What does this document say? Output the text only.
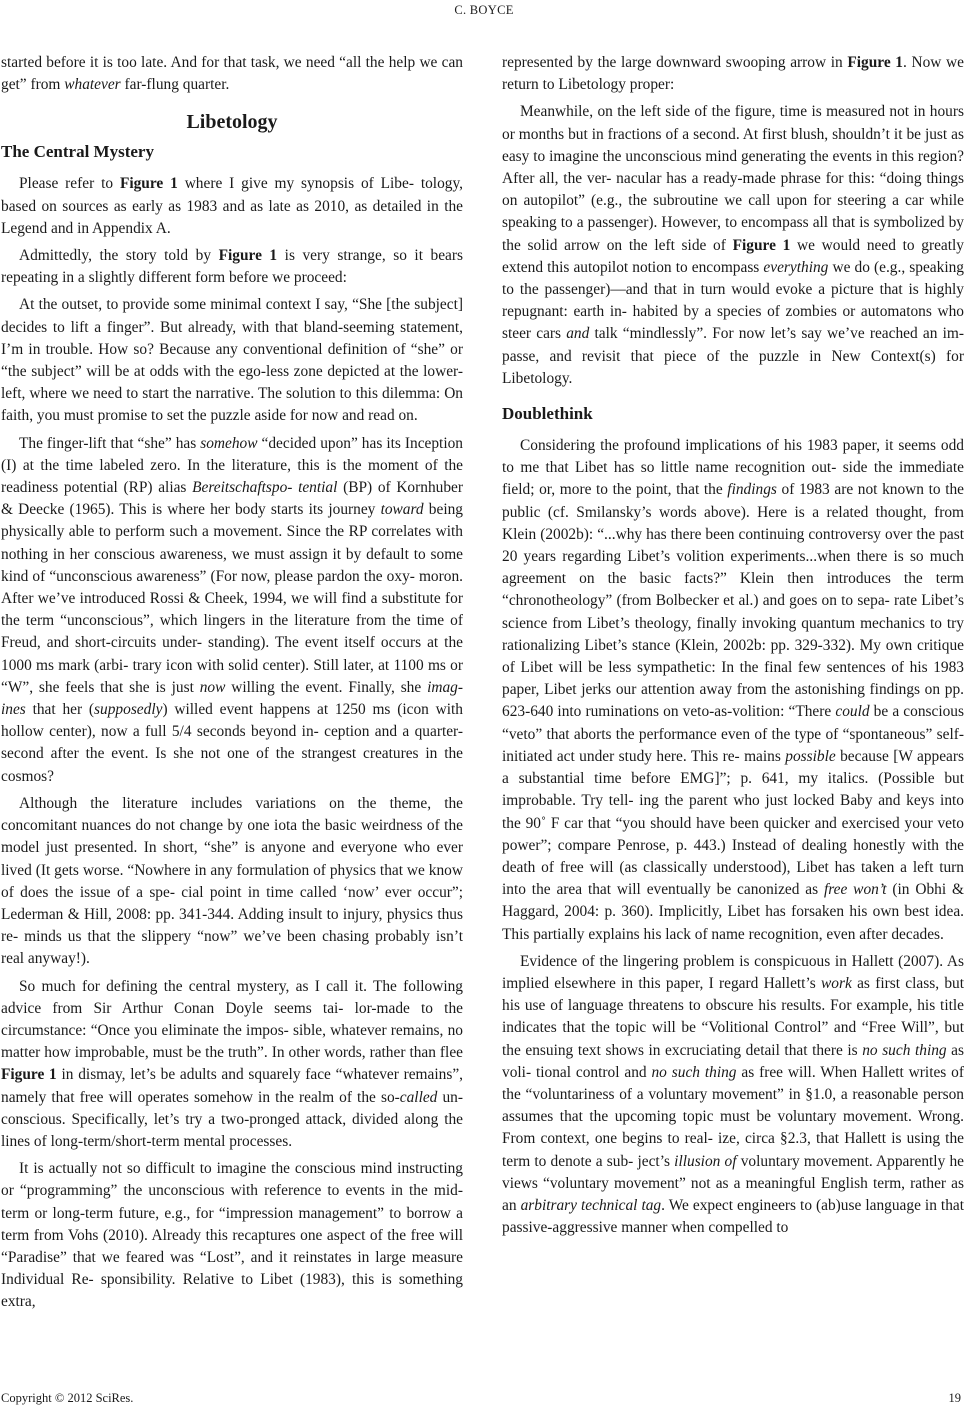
C. BOYCE

started before it is too late. And for that task, we need “all the help we can get” from whatever far-flung quarter.

Libetology
The Central Mystery

Please refer to Figure 1 where I give my synopsis of Libe- tology, based on sources as early as 1983 and as late as 2010, as detailed in the Legend and in Appendix A.

Admittedly, the story told by Figure 1 is very strange, so it bears repeating in a slightly different form before we proceed:

At the outset, to provide some minimal context I say, “She [the subject] decides to lift a finger”. But already, with that bland-seeming statement, I’m in trouble. How so? Because any conventional definition of “she” or “the subject” will be at odds with the ego-less zone depicted at the lower-left, where we need to start the narrative. The solution to this dilemma: On faith, you must promise to set the puzzle aside for now and read on.

The finger-lift that “she” has somehow “decided upon” has its Inception (I) at the time labeled zero. In the literature, this is the moment of the readiness potential (RP) alias Bereitschaftspo- tential (BP) of Kornhuber & Deecke (1965). This is where her body starts its journey toward being physically able to perform such a movement. Since the RP correlates with nothing in her conscious awareness, we must assign it by default to some kind of “unconscious awareness” (For now, please pardon the oxy- moron. After we’ve introduced Rossi & Cheek, 1994, we will find a substitute for the term “unconscious”, which lingers in the literature from the time of Freud, and short-circuits under- standing). The event itself occurs at the 1000 ms mark (arbi- trary icon with solid center). Still later, at 1100 ms or “W”, she feels that she is just now willing the event. Finally, she imag- ines that her (supposedly) willed event happens at 1250 ms (icon with hollow center), now a full 5/4 seconds beyond in- ception and a quarter-second after the event. Is she not one of the strangest creatures in the cosmos?

Although the literature includes variations on the theme, the concomitant nuances do not change by one iota the basic weirdness of the model just presented. In short, “she” is anyone and everyone who ever lived (It gets worse. “Nowhere in any formulation of physics that we know of does the issue of a spe- cial point in time called ‘now’ ever occur”; Lederman & Hill, 2008: pp. 341-344. Adding insult to injury, physics thus re- minds us that the slippery “now” we’ve been chasing probably isn’t real anyway!).

So much for defining the central mystery, as I call it. The following advice from Sir Arthur Conan Doyle seems tai- lor-made to the circumstance: “Once you eliminate the impos- sible, whatever remains, no matter how improbable, must be the truth”. In other words, rather than flee Figure 1 in dismay, let’s be adults and squarely face “whatever remains”, namely that free will operates somehow in the realm of the so-called un- conscious. Specifically, let’s try a two-pronged attack, divided along the lines of long-term/short-term mental processes.

It is actually not so difficult to imagine the conscious mind instructing or “programming” the unconscious with reference to events in the mid-term or long-term future, e.g., for “impression management” to borrow a term from Vohs (2010). Already this recaptures one aspect of the free will “Paradise” that we feared was “Lost”, and it reinstates in large measure Individual Re- sponsibility. Relative to Libet (1983), this is something extra,

represented by the large downward swooping arrow in Figure 1. Now we return to Libetology proper:

Meanwhile, on the left side of the figure, time is measured not in hours or months but in fractions of a second. At first blush, shouldn’t it be just as easy to imagine the unconscious mind generating the events in this region? After all, the ver- nacular has a ready-made phrase for this: “doing things on autopilot” (e.g., the subroutine we call upon for steering a car while speaking to a passenger). However, to encompass all that is symbolized by the solid arrow on the left side of Figure 1 we would need to greatly extend this autopilot notion to encompass everything we do (e.g., speaking to the passenger)—and that in turn would evoke a picture that is highly repugnant: earth in- habited by a species of zombies or automatons who steer cars and talk “mindlessly”. For now let’s say we’ve reached an im- passe, and revisit that piece of the puzzle in New Context(s) for Libetology.

Doublethink

Considering the profound implications of his 1983 paper, it seems odd to me that Libet has so little name recognition out- side the immediate field; or, more to the point, that the findings of 1983 are not known to the public (cf. Smilansky’s words above). Here is a related thought, from Klein (2002b): “...why has there been continuing controversy over the past 20 years regarding Libet’s volition experiments...when there is so much agreement on the basic facts?” Klein then introduces the term “chronotheology” (from Bolbecker et al.) and goes on to sepa- rate Libet’s science from Libet’s theology, finally invoking quantum mechanics to try rationalizing Libet’s stance (Klein, 2002b: pp. 329-332). My own critique of Libet will be less sympathetic: In the final few sentences of his 1983 paper, Libet jerks our attention away from the astonishing findings on pp. 623-640 into ruminations on veto-as-volition: “There could be a conscious “veto” that aborts the performance even of the type of “spontaneous” self-initiated act under study here. This re- mains possible because [W appears a substantial time before EMG]”; p. 641, my italics. (Possible but improbable. Try tell- ing the parent who just locked Baby and keys into the 90˚ F car that “you should have been quicker and exercised your veto power”; compare Penrose, p. 443.) Instead of dealing honestly with the death of free will (as classically understood), Libet has taken a left turn into the area that will eventually be canonized as free won’t (in Obhi & Haggard, 2004: p. 360). Implicitly, Libet has forsaken his own best idea. This partially explains his lack of name recognition, even after decades.

Evidence of the lingering problem is conspicuous in Hallett (2007). As implied elsewhere in this paper, I regard Hallett’s work as first class, but his use of language threatens to obscure his results. For example, his title indicates that the topic will be “Volitional Control” and “Free Will”, but the ensuing text shows in excruciating detail that there is no such thing as voli- tional control and no such thing as free will. When Hallett writes of the “voluntariness of a voluntary movement” in §1.0, a reasonable person assumes that the upcoming topic must be voluntary movement. Wrong. From context, one begins to real- ize, circa §2.3, that Hallett is using the term to denote a sub- ject’s illusion of voluntary movement. Apparently he views “voluntary movement” not as a meaningful English term, rather as an arbitrary technical tag. We expect engineers to (ab)use language in that passive-aggressive manner when compelled to

Copyright © 2012 SciRes.	19
